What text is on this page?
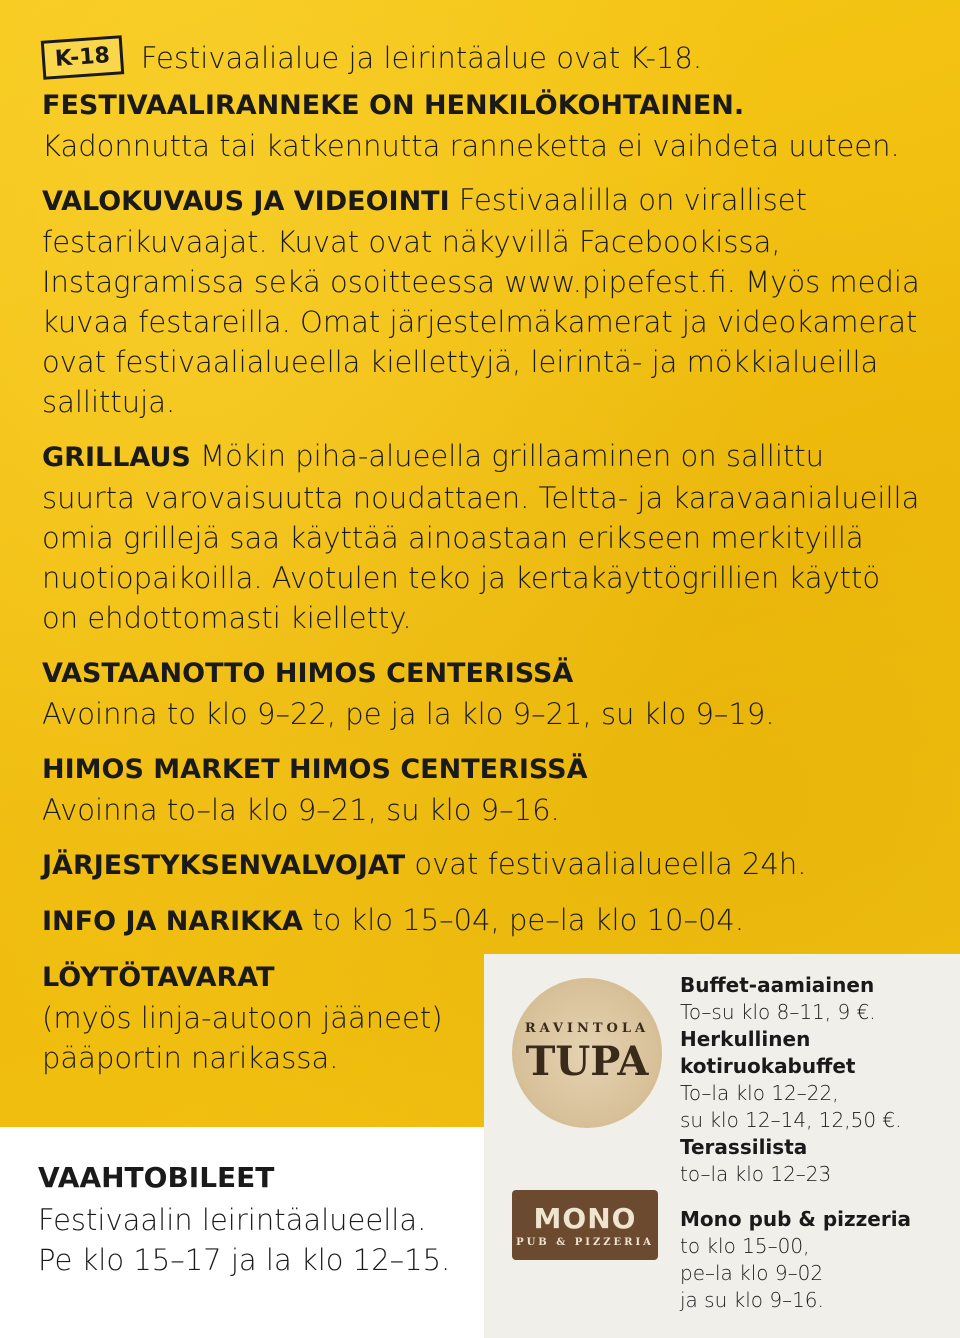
K-18	Festivaalialue ja leirintäalue ovat K-18.

FESTIVAALIRANNEKE ON HENKILÖKOHTAINEN.
Kadonnutta tai katkennutta ranneketta ei vaihdeta uuteen.

VALOKUVAUS JA VIDEOINTI Festivaalilla on viralliset festarikuvaajat. Kuvat ovat näkyvillä Facebookissa, Instagramissa sekä osoitteessa www.pipefest.fi. Myös media kuvaa festareilla. Omat järjestelmäkamerat ja videokamerat ovat festivaalialueella kiellettyjä, leirintä- ja mökkialueilla sallittuja.

GRILLAUS Mökin piha-alueella grillaaminen on sallittu suurta varovaisuutta noudattaen. Teltta- ja karavaanialueilla omia grillejä saa käyttää ainoastaan erikseen merkityillä nuotiopaikoilla. Avotulen teko ja kertakäyttögrillien käyttö on ehdottomasti kielletty.

VASTAANOTTO HIMOS CENTERISSÄ
Avoinna to klo 9–22, pe ja la klo 9–21, su klo 9–19.

HIMOS MARKET HIMOS CENTERISSÄ
Avoinna to–la klo 9–21, su klo 9–16.

JÄRJESTYKSENVALVOJAT ovat festivaalialueella 24h.

INFO JA NARIKKA to klo 15–04, pe–la klo 10–04.

LÖYTÖTAVARAT
(myös linja-autoon jääneet)
pääportin narikassa.

VAAHTOBILEET
Festivaalin leirintäalueella.
Pe klo 15–17 ja la klo 12–15.
RAVINTOLA
TUPA
MONO
PUB & PIZZERIA
Buffet-aamiainen
To–su klo 8–11, 9 €.
Herkullinen
kotiruokabuffet
To–la klo 12–22,
su klo 12–14, 12,50 €.
Terassilista
to–la klo 12–23
Mono pub & pizzeria
to klo 15–00,
pe–la klo 9–02
ja su klo 9–16.
